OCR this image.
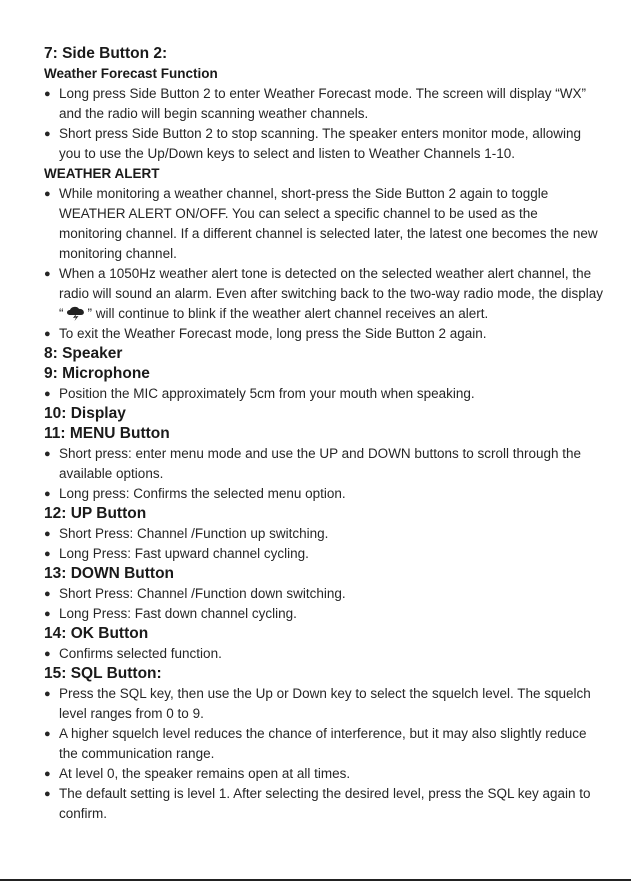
7: Side Button 2:
Weather Forecast Function
● Long press Side Button 2 to enter Weather Forecast mode. The screen will display “WX” and the radio will begin scanning weather channels.
● Short press Side Button 2 to stop scanning. The speaker enters monitor mode, allowing you to use the Up/Down keys to select and listen to Weather Channels 1-10.
WEATHER ALERT
● While monitoring a weather channel, short-press the Side Button 2 again to toggle WEATHER ALERT ON/OFF. You can select a specific channel to be used as the monitoring channel. If a different channel is selected later, the latest one becomes the new monitoring channel.
● When a 1050Hz weather alert tone is detected on the selected weather alert channel, the radio will sound an alarm. Even after switching back to the two-way radio mode, the display “ ” will continue to blink if the weather alert channel receives an alert.
● To exit the Weather Forecast mode, long press the Side Button 2 again.
8: Speaker
9: Microphone
● Position the MIC approximately 5cm from your mouth when speaking.
10: Display
11: MENU Button
● Short press: enter menu mode and use the UP and DOWN buttons to scroll through the available options.
● Long press: Confirms the selected menu option.
12: UP Button
● Short Press: Channel /Function up switching.
● Long Press: Fast upward channel cycling.
13: DOWN Button
● Short Press: Channel /Function down switching.
● Long Press: Fast down channel cycling.
14: OK Button
● Confirms selected function.
15: SQL Button:
● Press the SQL key, then use the Up or Down key to select the squelch level. The squelch level ranges from 0 to 9.
● A higher squelch level reduces the chance of interference, but it may also slightly reduce the communication range.
● At level 0, the speaker remains open at all times.
● The default setting is level 1. After selecting the desired level, press the SQL key again to confirm.
